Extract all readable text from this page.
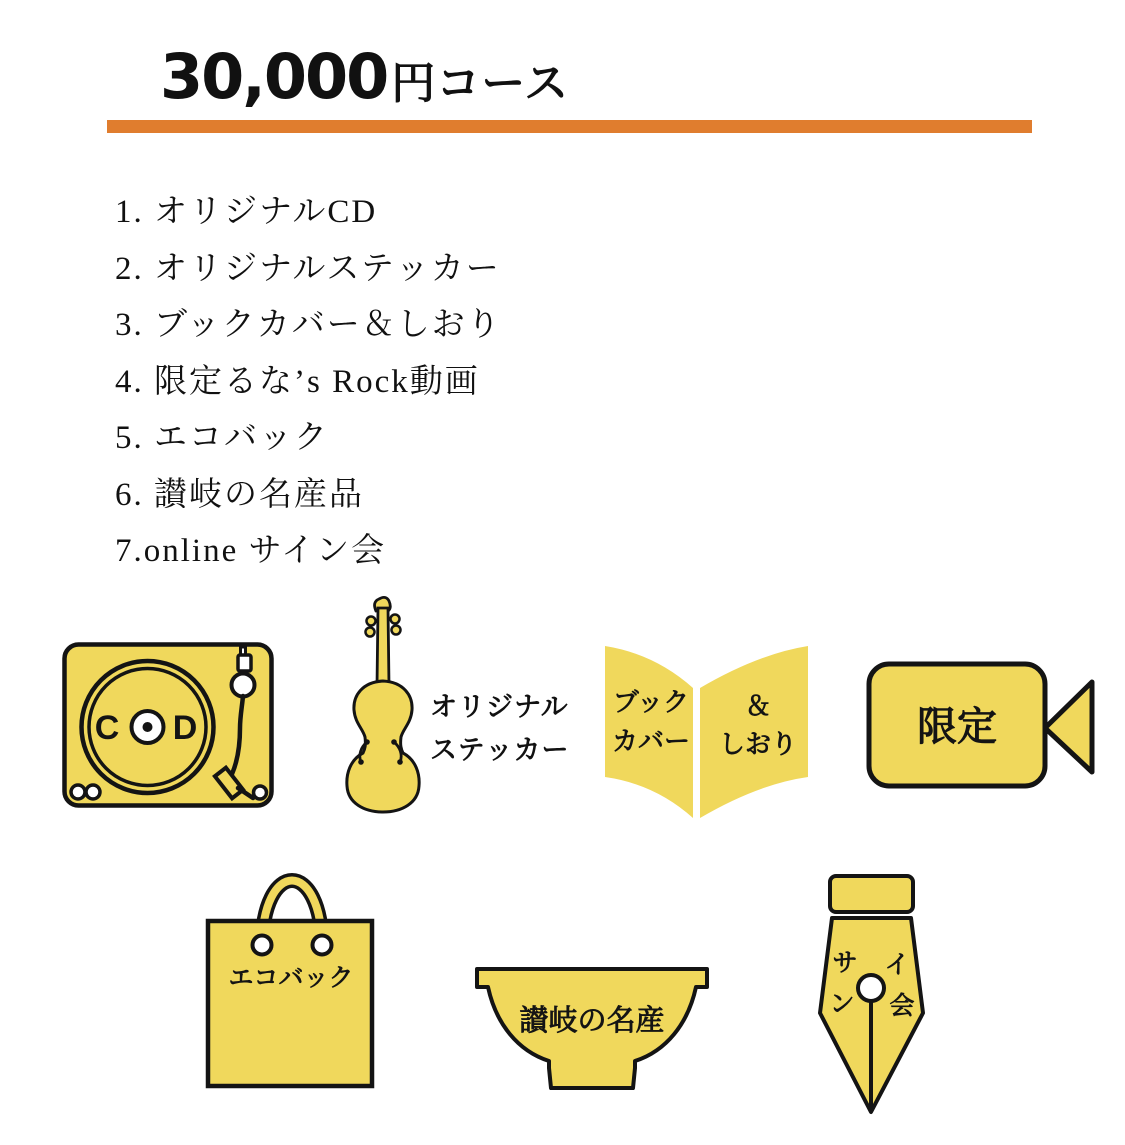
30,000 円コース
1. オリジナルCD
2. オリジナルステッカー
3. ブックカバー＆しおり
4. 限定るな’s Rock動画
5. エコバック
6. 讃岐の名産品
7.online サイン会
C D
オリジナル
ステッカー
ブック
カバー
＆
しおり	限定
エコバック
讃岐の名産
サ イ
ン 会
